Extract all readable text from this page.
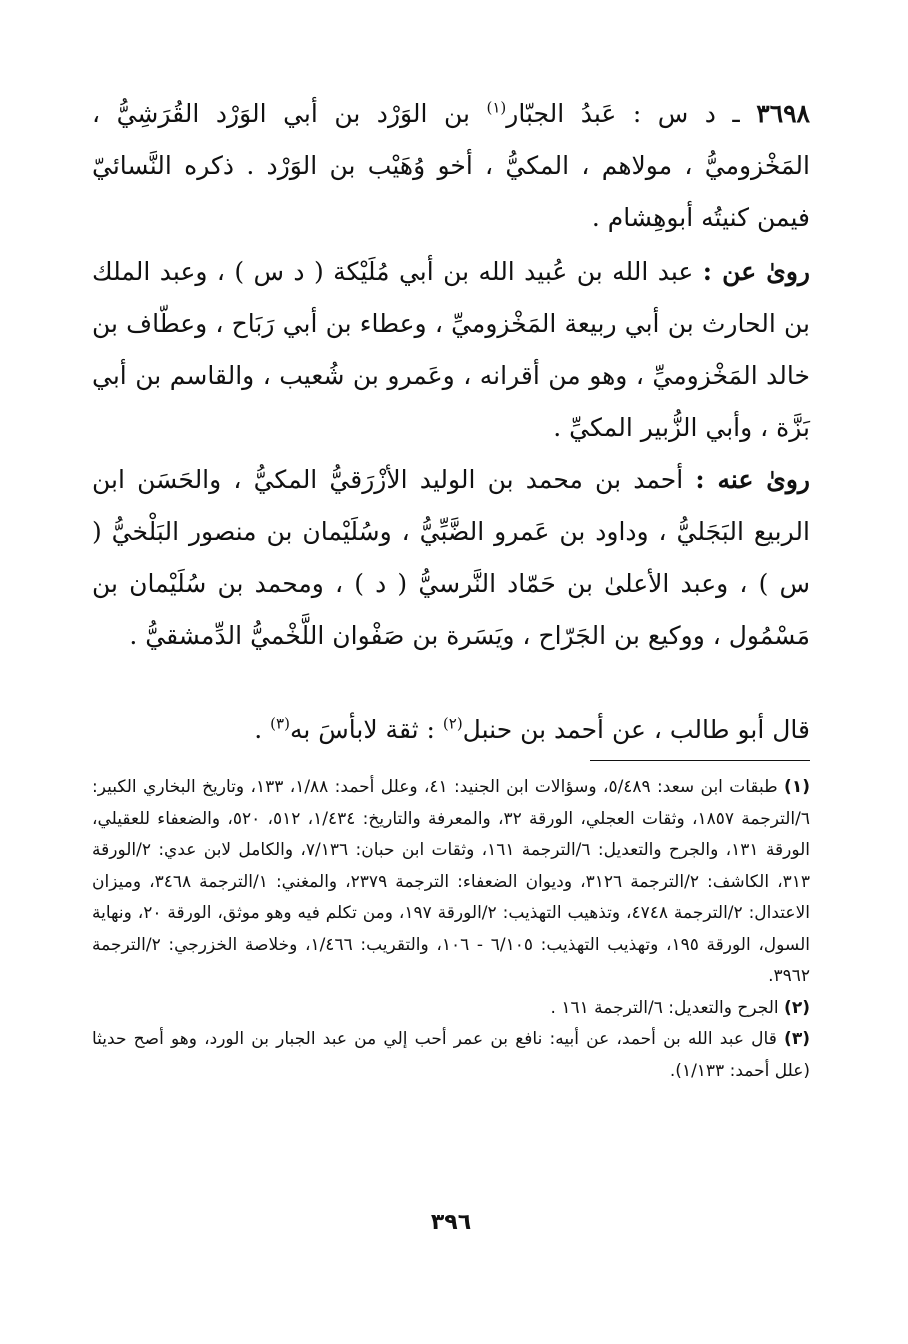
٣٦٩٨ ـ د س : عَبدُ الجبّار$^{(١)}$ بن الوَرْد بن أبي الوَرْد القُرَشِيُّ ، المَخْزوميُّ ، مولاهم ، المكيُّ ، أخو وُهَيْب بن الوَرْد . ذكره النَّسائيّ فيمن كنيتُه أبوهِشام .

روىٰ عن : عبد الله بن عُبيد الله بن أبي مُلَيْكة ( د س ) ، وعبد الملك بن الحارث بن أبي ربيعة المَخْزوميِّ ، وعطاء بن أبي رَبَاح ، وعطّاف بن خالد المَخْزوميِّ ، وهو من أقرانه ، وعَمرو بن شُعيب ، والقاسم بن أبي بَزَّة ، وأبي الزُّبير المكيِّ .

روىٰ عنه : أحمد بن محمد بن الوليد الأزْرَقيُّ المكيُّ ، والحَسَن ابن الربيع البَجَليُّ ، وداود بن عَمرو الضَّبِّيُّ ، وسُلَيْمان بن منصور البَلْخيُّ ( س ) ، وعبد الأعلىٰ بن حَمّاد النَّرسيُّ ( د ) ، ومحمد بن سُلَيْمان بن مَسْمُول ، ووكيع بن الجَرّاح ، ويَسَرة بن صَفْوان اللَّخْميُّ الدِّمشقيُّ .

قال أبو طالب ، عن أحمد بن حنبل$^{(٢)}$ : ثقة لابأسَ به$^{(٣)}$ .

(١) طبقات ابن سعد: ٥/٤٨٩، وسؤالات ابن الجنيد: ٤١، وعلل أحمد: ١/٨٨، ١٣٣، وتاريخ البخاري الكبير: ٦/الترجمة ١٨٥٧، وثقات العجلي، الورقة ٣٢، والمعرفة والتاريخ: ١/٤٣٤، ٥١٢، ٥٢٠، والضعفاء للعقيلي، الورقة ١٣١، والجرح والتعديل: ٦/الترجمة ١٦١، وثقات ابن حبان: ٧/١٣٦، والكامل لابن عدي: ٢/الورقة ٣١٣، الكاشف: ٢/الترجمة ٣١٢٦، وديوان الضعفاء: الترجمة ٢٣٧٩، والمغني: ١/الترجمة ٣٤٦٨، وميزان الاعتدال: ٢/الترجمة ٤٧٤٨، وتذهيب التهذيب: ٢/الورقة ١٩٧، ومن تكلم فيه وهو موثق، الورقة ٢٠، ونهاية السول، الورقة ١٩٥، وتهذيب التهذيب: ٦/١٠٥ - ١٠٦، والتقريب: ١/٤٦٦، وخلاصة الخزرجي: ٢/الترجمة ٣٩٦٢.

(٢) الجرح والتعديل: ٦/الترجمة ١٦١ .

(٣) قال عبد الله بن أحمد، عن أبيه: نافع بن عمر أحب إلي من عبد الجبار بن الورد، وهو أصح حديثا (علل أحمد: ١/١٣٣).

٣٩٦
